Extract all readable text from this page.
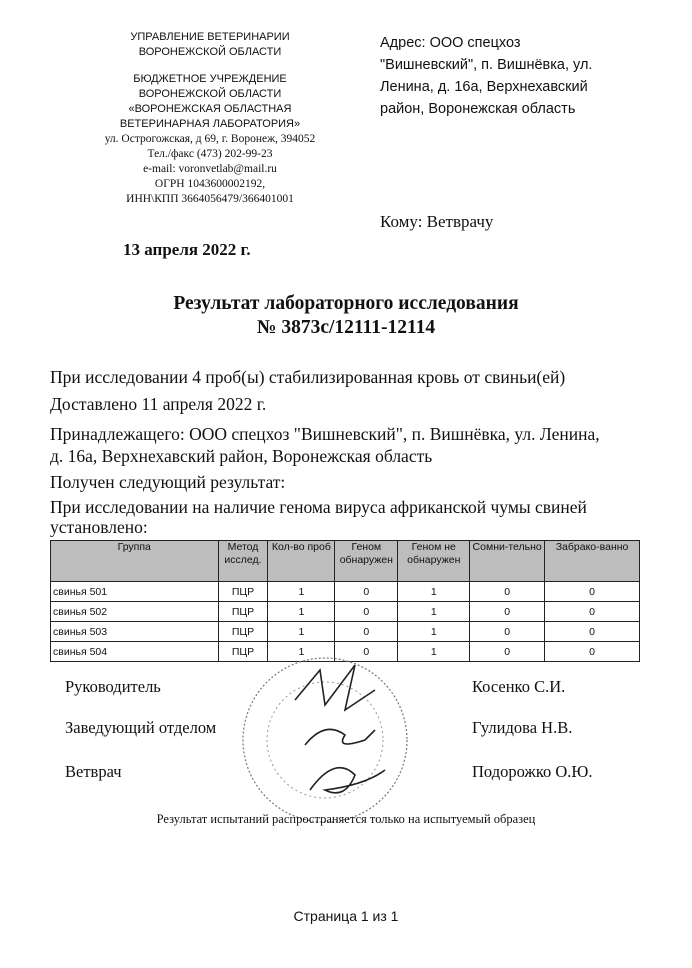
УПРАВЛЕНИЕ ВЕТЕРИНАРИИ
ВОРОНЕЖСКОЙ ОБЛАСТИ
БЮДЖЕТНОЕ УЧРЕЖДЕНИЕ
ВОРОНЕЖСКОЙ ОБЛАСТИ
«ВОРОНЕЖСКАЯ ОБЛАСТНАЯ
ВЕТЕРИНАРНАЯ ЛАБОРАТОРИЯ»
ул. Острогожская, д 69, г. Воронеж, 394052
Тел./факс (473) 202-99-23
e-mail: voronvetlab@mail.ru
ОГРН 1043600002192,
ИНН\КПП 3664056479/366401001
Адрес: ООО спецхоз
"Вишневский", п. Вишнёвка, ул.
Ленина, д. 16а, Верхнехавский
район, Воронежская область
Кому: Ветврачу
13 апреля 2022 г.
Результат лабораторного исследования
№ 3873с/12111-12114
При исследовании 4 проб(ы) стабилизированная кровь от свиньи(ей)
Доставлено 11 апреля 2022 г.
Принадлежащего: ООО спецхоз "Вишневский", п. Вишнёвка, ул. Ленина, д. 16а, Верхнехавский район, Воронежская область
Получен следующий результат:
При исследовании на наличие генома вируса африканской чумы свиней установлено:
Группа	Метод исслед.	Кол-во проб	Геном обнаружен	Геном не обнаружен	Сомни-тельно	Забрако-ванно
свинья 501	ПЦР	1	0	1	0	0
свинья 502	ПЦР	1	0	1	0	0
свинья 503	ПЦР	1	0	1	0	0
свинья 504	ПЦР	1	0	1	0	0
Руководитель	Косенко С.И.
Заведующий отделом	Гулидова Н.В.
Ветврач	Подорожко О.Ю.
Результат испытаний распространяется только на испытуемый образец
Страница 1 из 1
